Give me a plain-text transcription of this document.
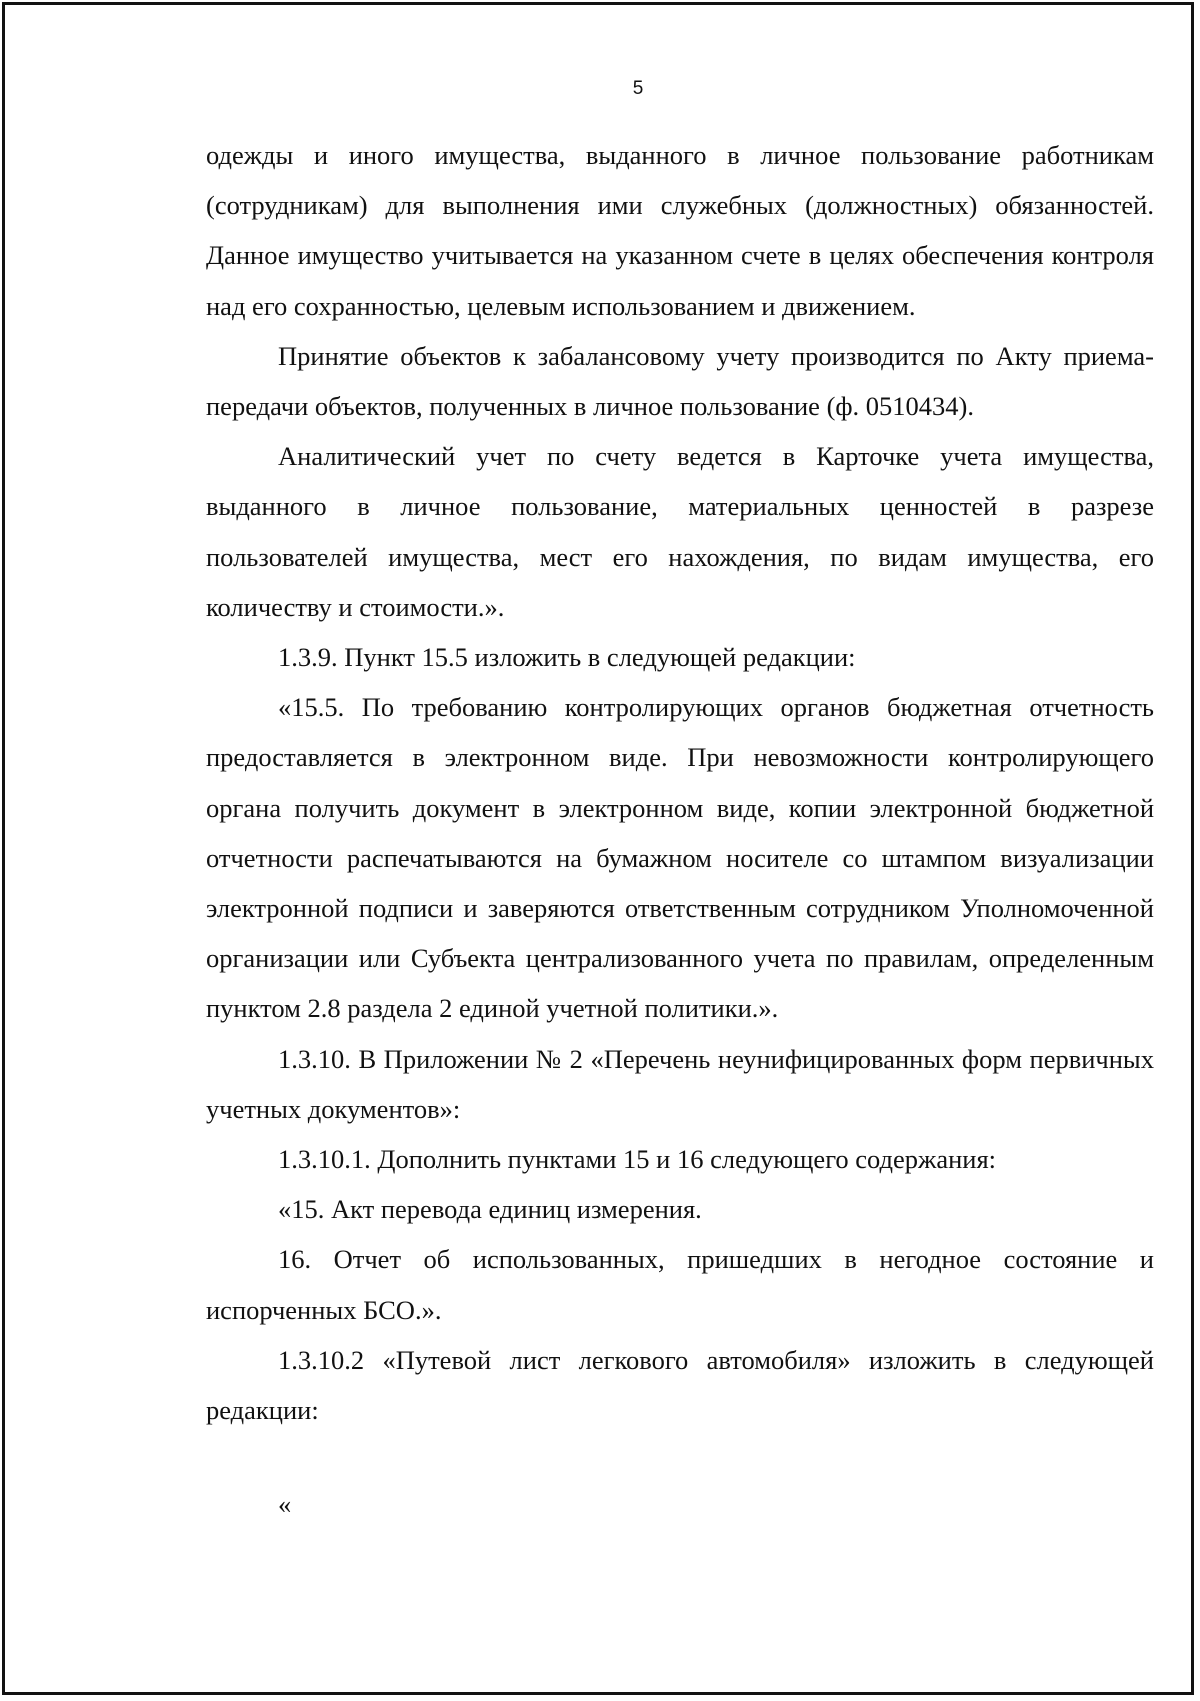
5

одежды и иного имущества, выданного в личное пользование работникам (сотрудникам) для выполнения ими служебных (должностных) обязанностей. Данное имущество учитывается на указанном счете в целях обеспечения контроля над его сохранностью, целевым использованием и движением.

Принятие объектов к забалансовому учету производится по Акту приема-передачи объектов, полученных в личное пользование (ф. 0510434).

Аналитический учет по счету ведется в Карточке учета имущества, выданного в личное пользование, материальных ценностей в разрезе пользователей имущества, мест его нахождения, по видам имущества, его количеству и стоимости.».

1.3.9. Пункт 15.5 изложить в следующей редакции:

«15.5. По требованию контролирующих органов бюджетная отчетность предоставляется в электронном виде. При невозможности контролирующего органа получить документ в электронном виде, копии электронной бюджетной отчетности распечатываются на бумажном носителе со штампом визуализации электронной подписи и заверяются ответственным сотрудником Уполномоченной организации или Субъекта централизованного учета по правилам, определенным пунктом 2.8 раздела 2 единой учетной политики.».

1.3.10. В Приложении № 2 «Перечень неунифицированных форм первичных учетных документов»:

1.3.10.1. Дополнить пунктами 15 и 16 следующего содержания:

«15. Акт перевода единиц измерения.

16. Отчет об использованных, пришедших в негодное состояние и испорченных БСО.».

1.3.10.2 «Путевой лист легкового автомобиля» изложить в следующей редакции:

«
